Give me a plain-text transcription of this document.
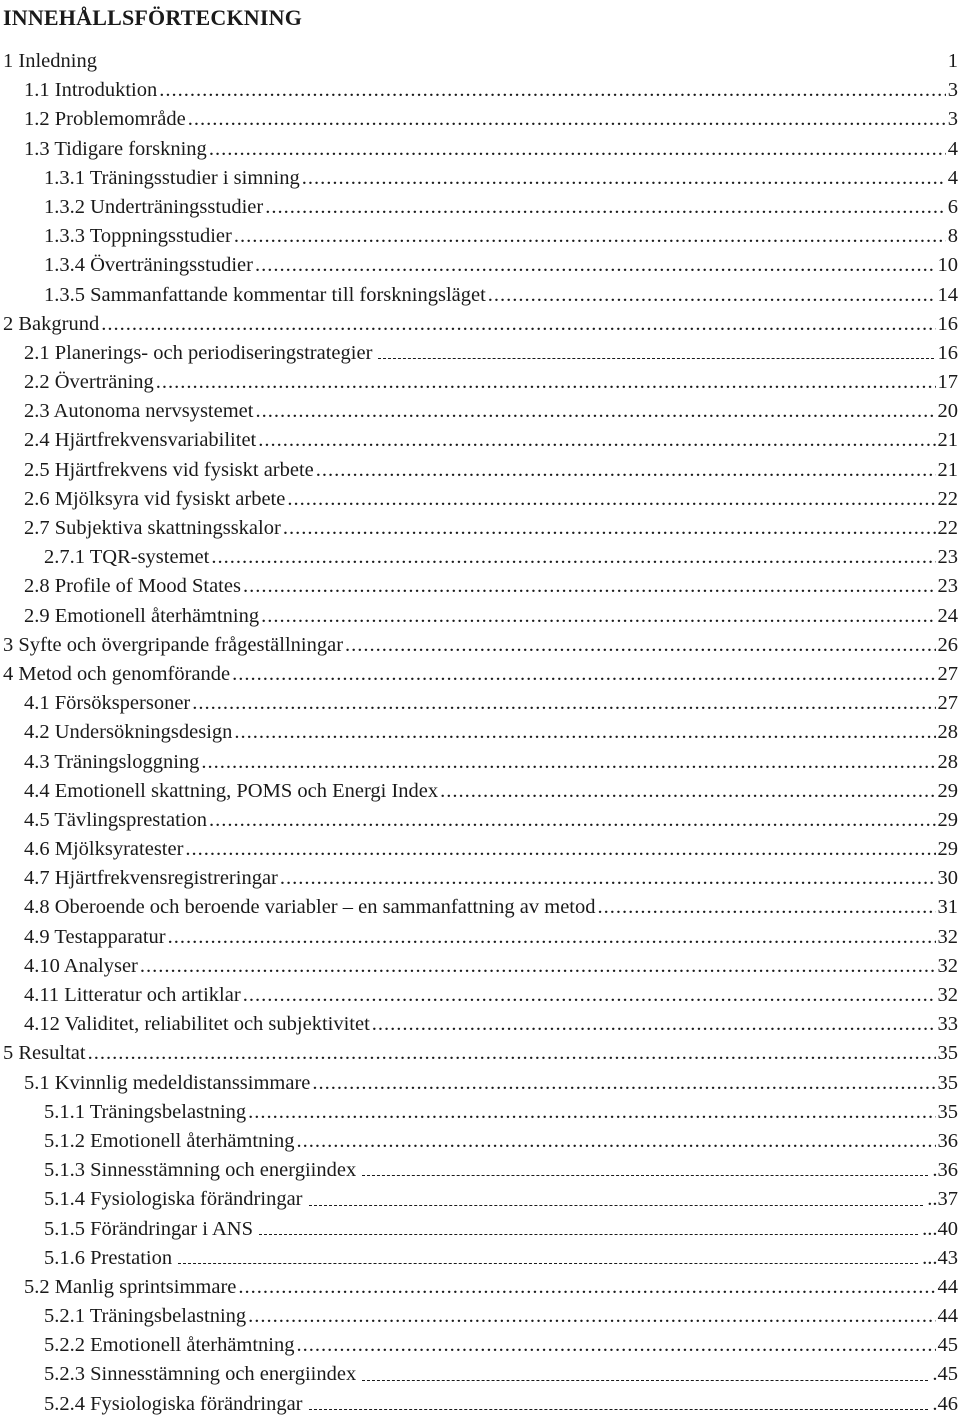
INNEHÅLLSFÖRTECKNING
1 Inledning	1
1.1 Introduktion .....	3
1.2 Problemområde .....	3
1.3 Tidigare forskning .....	4
1.3.1 Träningsstudier i simning .....	4
1.3.2 Underträningsstudier .....	6
1.3.3 Toppningsstudier .....	8
1.3.4 Överträningsstudier .....	10
1.3.5 Sammanfattande kommentar till forskningsläget .....	14
2 Bakgrund .....	16
2.1 Planerings- och periodiseringstrategier	16
2.2 Överträning .....	17
2.3 Autonoma nervsystemet .....	20
2.4 Hjärtfrekvensvariabilitet .....	21
2.5 Hjärtfrekvens vid fysiskt arbete .....	21
2.6 Mjölksyra vid fysiskt arbete .....	22
2.7 Subjektiva skattningsskalor .....	22
2.7.1 TQR-systemet .....	23
2.8 Profile of Mood States .....	23
2.9 Emotionell återhämtning .....	24
3 Syfte och övergripande frågeställningar .....	26
4 Metod och genomförande .....	27
4.1 Försökspersoner .....	27
4.2 Undersökningsdesign .....	28
4.3 Träningsloggning .....	28
4.4 Emotionell skattning, POMS och Energi Index .....	29
4.5 Tävlingsprestation .....	29
4.6 Mjölksyratester .....	29
4.7 Hjärtfrekvensregistreringar .....	30
4.8 Oberoende och beroende variabler – en sammanfattning av metod .....	31
4.9 Testapparatur .....	32
4.10 Analyser .....	32
4.11 Litteratur och artiklar .....	32
4.12 Validitet, reliabilitet och subjektivitet .....	33
5 Resultat .....	35
5.1 Kvinnlig medeldistanssimmare .....	35
5.1.1 Träningsbelastning .....	35
5.1.2 Emotionell återhämtning .....	36
5.1.3 Sinnesstämning och energiindex	.36
5.1.4 Fysiologiska förändringar	..37
5.1.5 Förändringar i ANS	...40
5.1.6 Prestation	...43
5.2 Manlig sprintsimmare .....	44
5.2.1 Träningsbelastning .....	44
5.2.2 Emotionell återhämtning .....	45
5.2.3 Sinnesstämning och energiindex	.45
5.2.4 Fysiologiska förändringar	.46
